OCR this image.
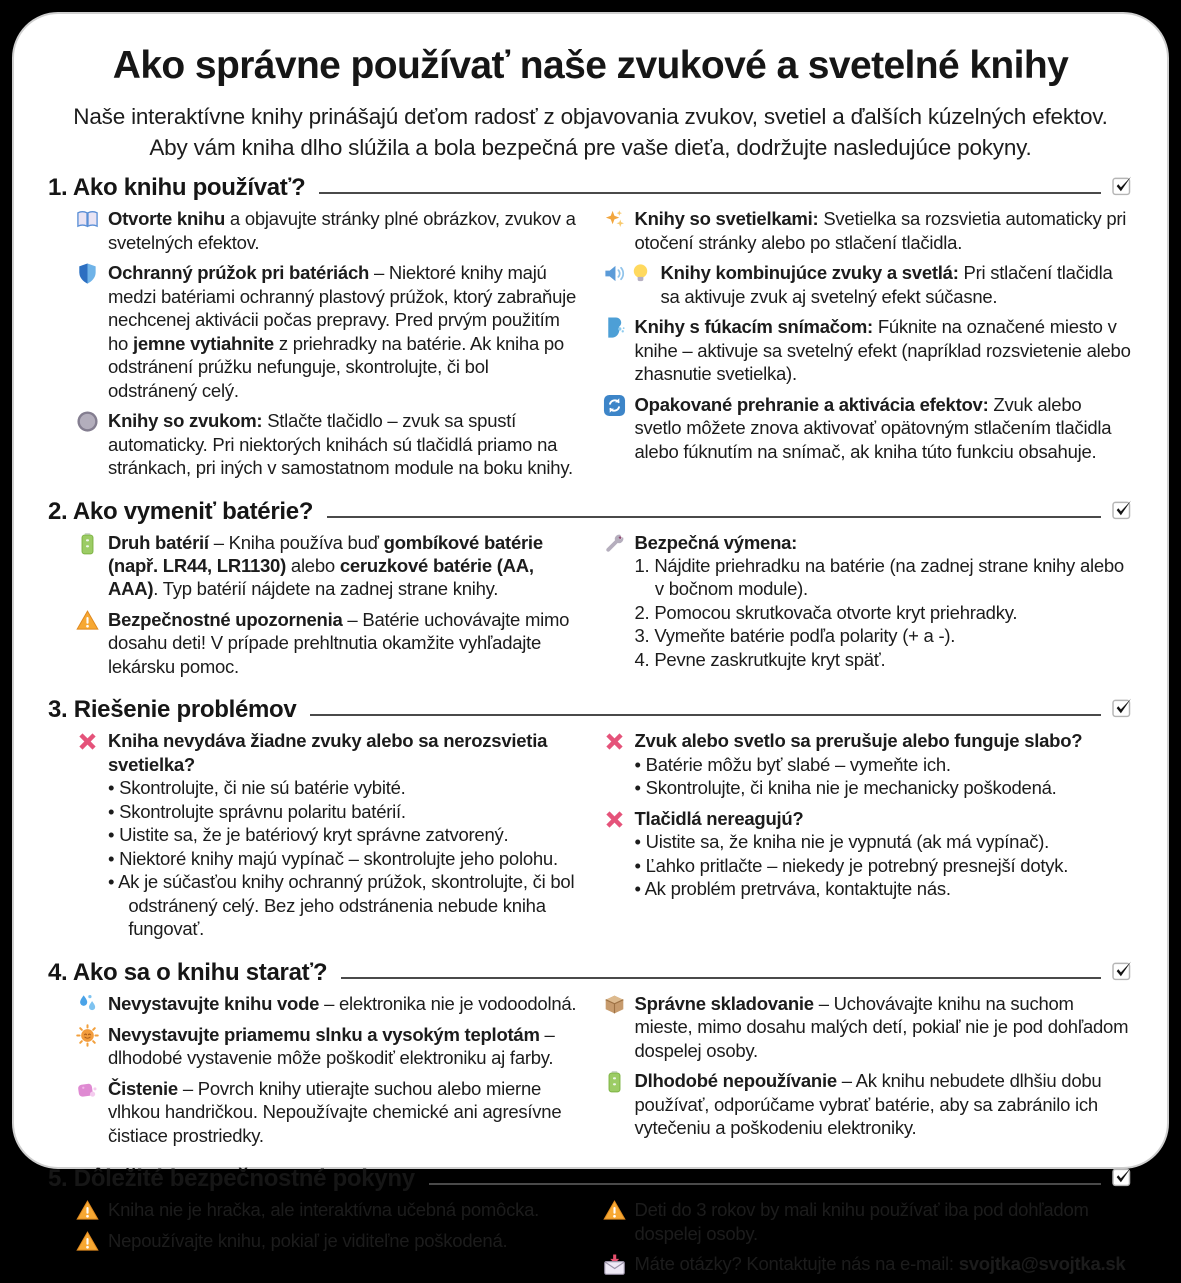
Ako správne používať naše zvukové a svetelné knihy
Naše interaktívne knihy prinášajú deťom radosť z objavovania zvukov, svetiel a ďalších kúzelných efektov.
Aby vám kniha dlho slúžila a bola bezpečná pre vaše dieťa, dodržujte nasledujúce pokyny.
1. Ako knihu používať?
Otvorte knihu a objavujte stránky plné obrázkov, zvukov a svetelných efektov.
Ochranný prúžok pri batériách – Niektoré knihy majú medzi batériami ochranný plastový prúžok, ktorý zabraňuje nechcenej aktivácii počas prepravy. Pred prvým použitím ho jemne vytiahnite z priehradky na batérie. Ak kniha po odstránení prúžku nefunguje, skontrolujte, či bol odstránený celý.
Knihy so zvukom: Stlačte tlačidlo – zvuk sa spustí automaticky. Pri niektorých knihách sú tlačidlá priamo na stránkach, pri iných v samostatnom module na boku knihy.
Knihy so svetielkami: Svetielka sa rozsvietia automaticky pri otočení stránky alebo po stlačení tlačidla.
Knihy kombinujúce zvuky a svetlá: Pri stlačení tlačidla sa aktivuje zvuk aj svetelný efekt súčasne.
Knihy s fúkacím snímačom: Fúknite na označené miesto v knihe – aktivuje sa svetelný efekt (napríklad rozsvietenie alebo zhasnutie svetielka).
Opakované prehranie a aktivácia efektov: Zvuk alebo svetlo môžete znova aktivovať opätovným stlačením tlačidla alebo fúknutím na snímač, ak kniha túto funkciu obsahuje.
2. Ako vymeniť batérie?
Druh batérií – Kniha používa buď gombíkové batérie (např. LR44, LR1130) alebo ceruzkové batérie (AA, AAA). Typ batérií nájdete na zadnej strane knihy.
Bezpečnostné upozornenia – Batérie uchovávajte mimo dosahu deti! V prípade prehltnutia okamžite vyhľadajte lekársku pomoc.
Bezpečná výmena:
1. Nájdite priehradku na batérie (na zadnej strane knihy alebo v bočnom module).
2. Pomocou skrutkovača otvorte kryt priehradky.
3. Vymeňte batérie podľa polarity (+ a -).
4. Pevne zaskrutkujte kryt späť.
3. Riešenie problémov
Kniha nevydáva žiadne zvuky alebo sa nerozsvietia svetielka?
• Skontrolujte, či nie sú batérie vybité.
• Skontrolujte správnu polaritu batérií.
• Uistite sa, že je batériový kryt správne zatvorený.
• Niektoré knihy majú vypínač – skontrolujte jeho polohu.
• Ak je súčasťou knihy ochranný prúžok, skontrolujte, či bol odstránený celý. Bez jeho odstránenia nebude kniha fungovať.
Zvuk alebo svetlo sa prerušuje alebo funguje slabo?
• Batérie môžu byť slabé – vymeňte ich.
• Skontrolujte, či kniha nie je mechanicky poškodená.
Tlačidlá nereagujú?
• Uistite sa, že kniha nie je vypnutá (ak má vypínač).
• Ľahko pritlačte – niekedy je potrebný presnejší dotyk.
• Ak problém pretrváva, kontaktujte nás.
4. Ako sa o knihu starať?
Nevystavujte knihu vode – elektronika nie je vodoodolná.
Nevystavujte priamemu slnku a vysokým teplotám – dlhodobé vystavenie môže poškodiť elektroniku aj farby.
Čistenie – Povrch knihy utierajte suchou alebo mierne vlhkou handričkou. Nepoužívajte chemické ani agresívne čistiace prostriedky.
Správne skladovanie – Uchovávajte knihu na suchom mieste, mimo dosahu malých detí, pokiaľ nie je pod dohľadom dospelej osoby.
Dlhodobé nepoužívanie – Ak knihu nebudete dlhšiu dobu používať, odporúčame vybrať batérie, aby sa zabránilo ich vytečeniu a poškodeniu elektroniky.
5. Dôležité bezpečnostné pokyny
Kniha nie je hračka, ale interaktívna učebná pomôcka.
Nepoužívajte knihu, pokiaľ je viditeľne poškodená.
Deti do 3 rokov by mali knihu používať iba pod dohľadom dospelej osoby.
Máte otázky? Kontaktujte nás na e-mail: svojtka@svojtka.sk
